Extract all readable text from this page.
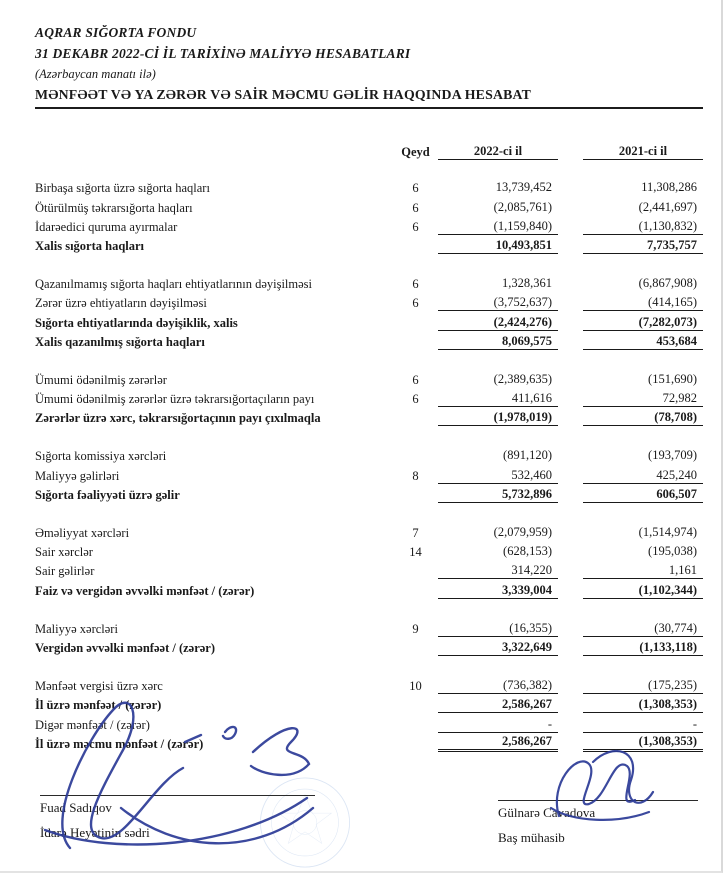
AQRAR SIĞORTA FONDU
31 DEKABR 2022-Cİ İL TARİXİNƏ MALİYYƏ HESABATLARI
(Azərbaycan manatı ilə)
MƏNFƏƏT VƏ YA ZƏRƏR VƏ SAİR MƏCMU GƏLİR HAQQINDA HESABAT
Qeyd	2022-ci il	2021-ci il
Birbaşa sığorta üzrə sığorta haqları	6	13,739,452	11,308,286
Ötürülmüş təkrarsığorta haqları	6	(2,085,761)	(2,441,697)
İdarəedici quruma ayırmalar	6	(1,159,840)	(1,130,832)
Xalis sığorta haqları	10,493,851	7,735,757
Qazanılmamış sığorta haqları ehtiyatlarının dəyişilməsi	6	1,328,361	(6,867,908)
Zərər üzrə ehtiyatların dəyişilməsi	6	(3,752,637)	(414,165)
Sığorta ehtiyatlarında dəyişiklik, xalis	(2,424,276)	(7,282,073)
Xalis qazanılmış sığorta haqları	8,069,575	453,684
Ümumi ödənilmiş zərərlər	6	(2,389,635)	(151,690)
Ümumi ödənilmiş zərərlər üzrə təkrarsığortaçıların payı	6	411,616	72,982
Zərərlər üzrə xərc, təkrarsığortaçının payı çıxılmaqla	(1,978,019)	(78,708)
Sığorta komissiya xərcləri	(891,120)	(193,709)
Maliyyə gəlirləri	8	532,460	425,240
Sığorta fəaliyyəti üzrə gəlir	5,732,896	606,507
Əməliyyat xərcləri	7	(2,079,959)	(1,514,974)
Sair xərclər	14	(628,153)	(195,038)
Sair gəlirlər	314,220	1,161
Faiz və vergidən əvvəlki mənfəət / (zərər)	3,339,004	(1,102,344)
Maliyyə xərcləri	9	(16,355)	(30,774)
Vergidən əvvəlki mənfəət / (zərər)	3,322,649	(1,133,118)
Mənfəət vergisi üzrə xərc	10	(736,382)	(175,235)
İl üzrə mənfəət / (zərər)	2,586,267	(1,308,353)
Digər mənfəət / (zərər)	-	-
İl üzrə məcmu mənfəət / (zərər)	2,586,267	(1,308,353)
Fuad Sadıqov
İdarə Heyətinin sədri
Gülnarə Cavadova
Baş mühasib
